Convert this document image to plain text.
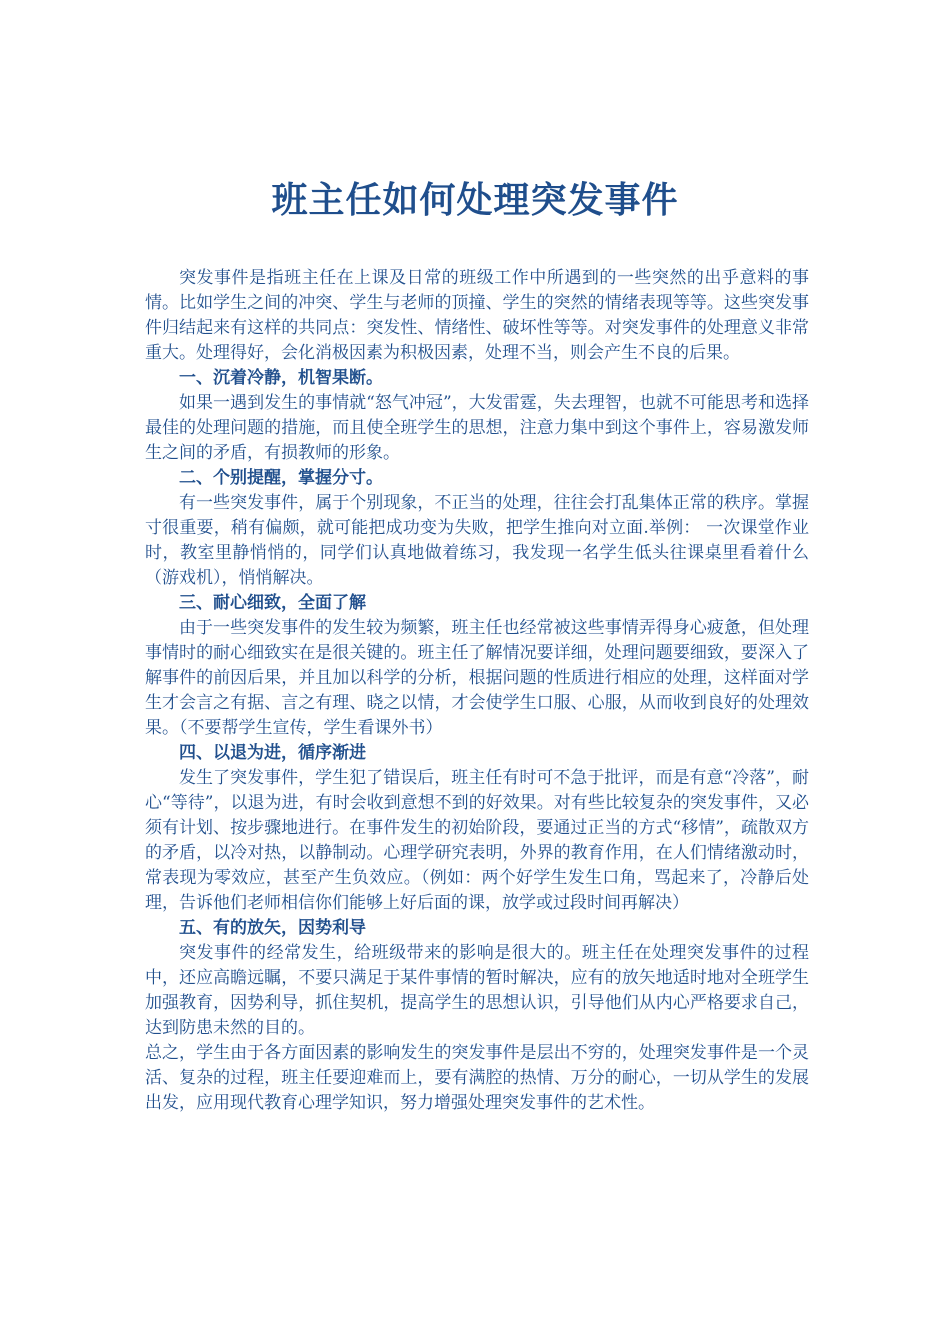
班主任如何处理突发事件

突发事件是指班主任在上课及日常的班级工作中所遇到的一些突然的出乎意料的事情。比如学生之间的冲突、学生与老师的顶撞、学生的突然的情绪表现等等。这些突发事件归结起来有这样的共同点：突发性、情绪性、破坏性等等。对突发事件的处理意义非常重大。处理得好，会化消极因素为积极因素，处理不当，则会产生不良的后果。

一、沉着冷静，机智果断。

如果一遇到发生的事情就“怒气冲冠”，大发雷霆，失去理智，也就不可能思考和选择最佳的处理问题的措施，而且使全班学生的思想，注意力集中到这个事件上，容易激发师生之间的矛盾，有损教师的形象。

二、个别提醒，掌握分寸。

有一些突发事件，属于个别现象，不正当的处理，往往会打乱集体正常的秩序。掌握寸很重要，稍有偏颇，就可能把成功变为失败，把学生推向对立面.举例： 一次课堂作业时，教室里静悄悄的，同学们认真地做着练习，我发现一名学生低头往课桌里看着什么（游戏机），悄悄解决。

三、耐心细致，全面了解

由于一些突发事件的发生较为频繁，班主任也经常被这些事情弄得身心疲惫，但处理事情时的耐心细致实在是很关键的。班主任了解情况要详细，处理问题要细致，要深入了解事件的前因后果，并且加以科学的分析，根据问题的性质进行相应的处理，这样面对学生才会言之有据、言之有理、晓之以情，才会使学生口服、心服，从而收到良好的处理效果。（不要帮学生宣传，学生看课外书）

四、以退为进，循序渐进

发生了突发事件，学生犯了错误后，班主任有时可不急于批评，而是有意“冷落”，耐心“等待”，以退为进，有时会收到意想不到的好效果。对有些比较复杂的突发事件，又必须有计划、按步骤地进行。在事件发生的初始阶段，要通过正当的方式“移情”，疏散双方的矛盾，以冷对热，以静制动。心理学研究表明，外界的教育作用，在人们情绪激动时，常表现为零效应，甚至产生负效应。（例如：两个好学生发生口角，骂起来了，冷静后处理，告诉他们老师相信你们能够上好后面的课，放学或过段时间再解决）

五、有的放矢，因势利导

突发事件的经常发生，给班级带来的影响是很大的。班主任在处理突发事件的过程中，还应高瞻远瞩，不要只满足于某件事情的暂时解决，应有的放矢地适时地对全班学生加强教育，因势利导，抓住契机，提高学生的思想认识，引导他们从内心严格要求自己，达到防患未然的目的。

总之，学生由于各方面因素的影响发生的突发事件是层出不穷的，处理突发事件是一个灵活、复杂的过程，班主任要迎难而上，要有满腔的热情、万分的耐心，一切从学生的发展出发，应用现代教育心理学知识，努力增强处理突发事件的艺术性。
